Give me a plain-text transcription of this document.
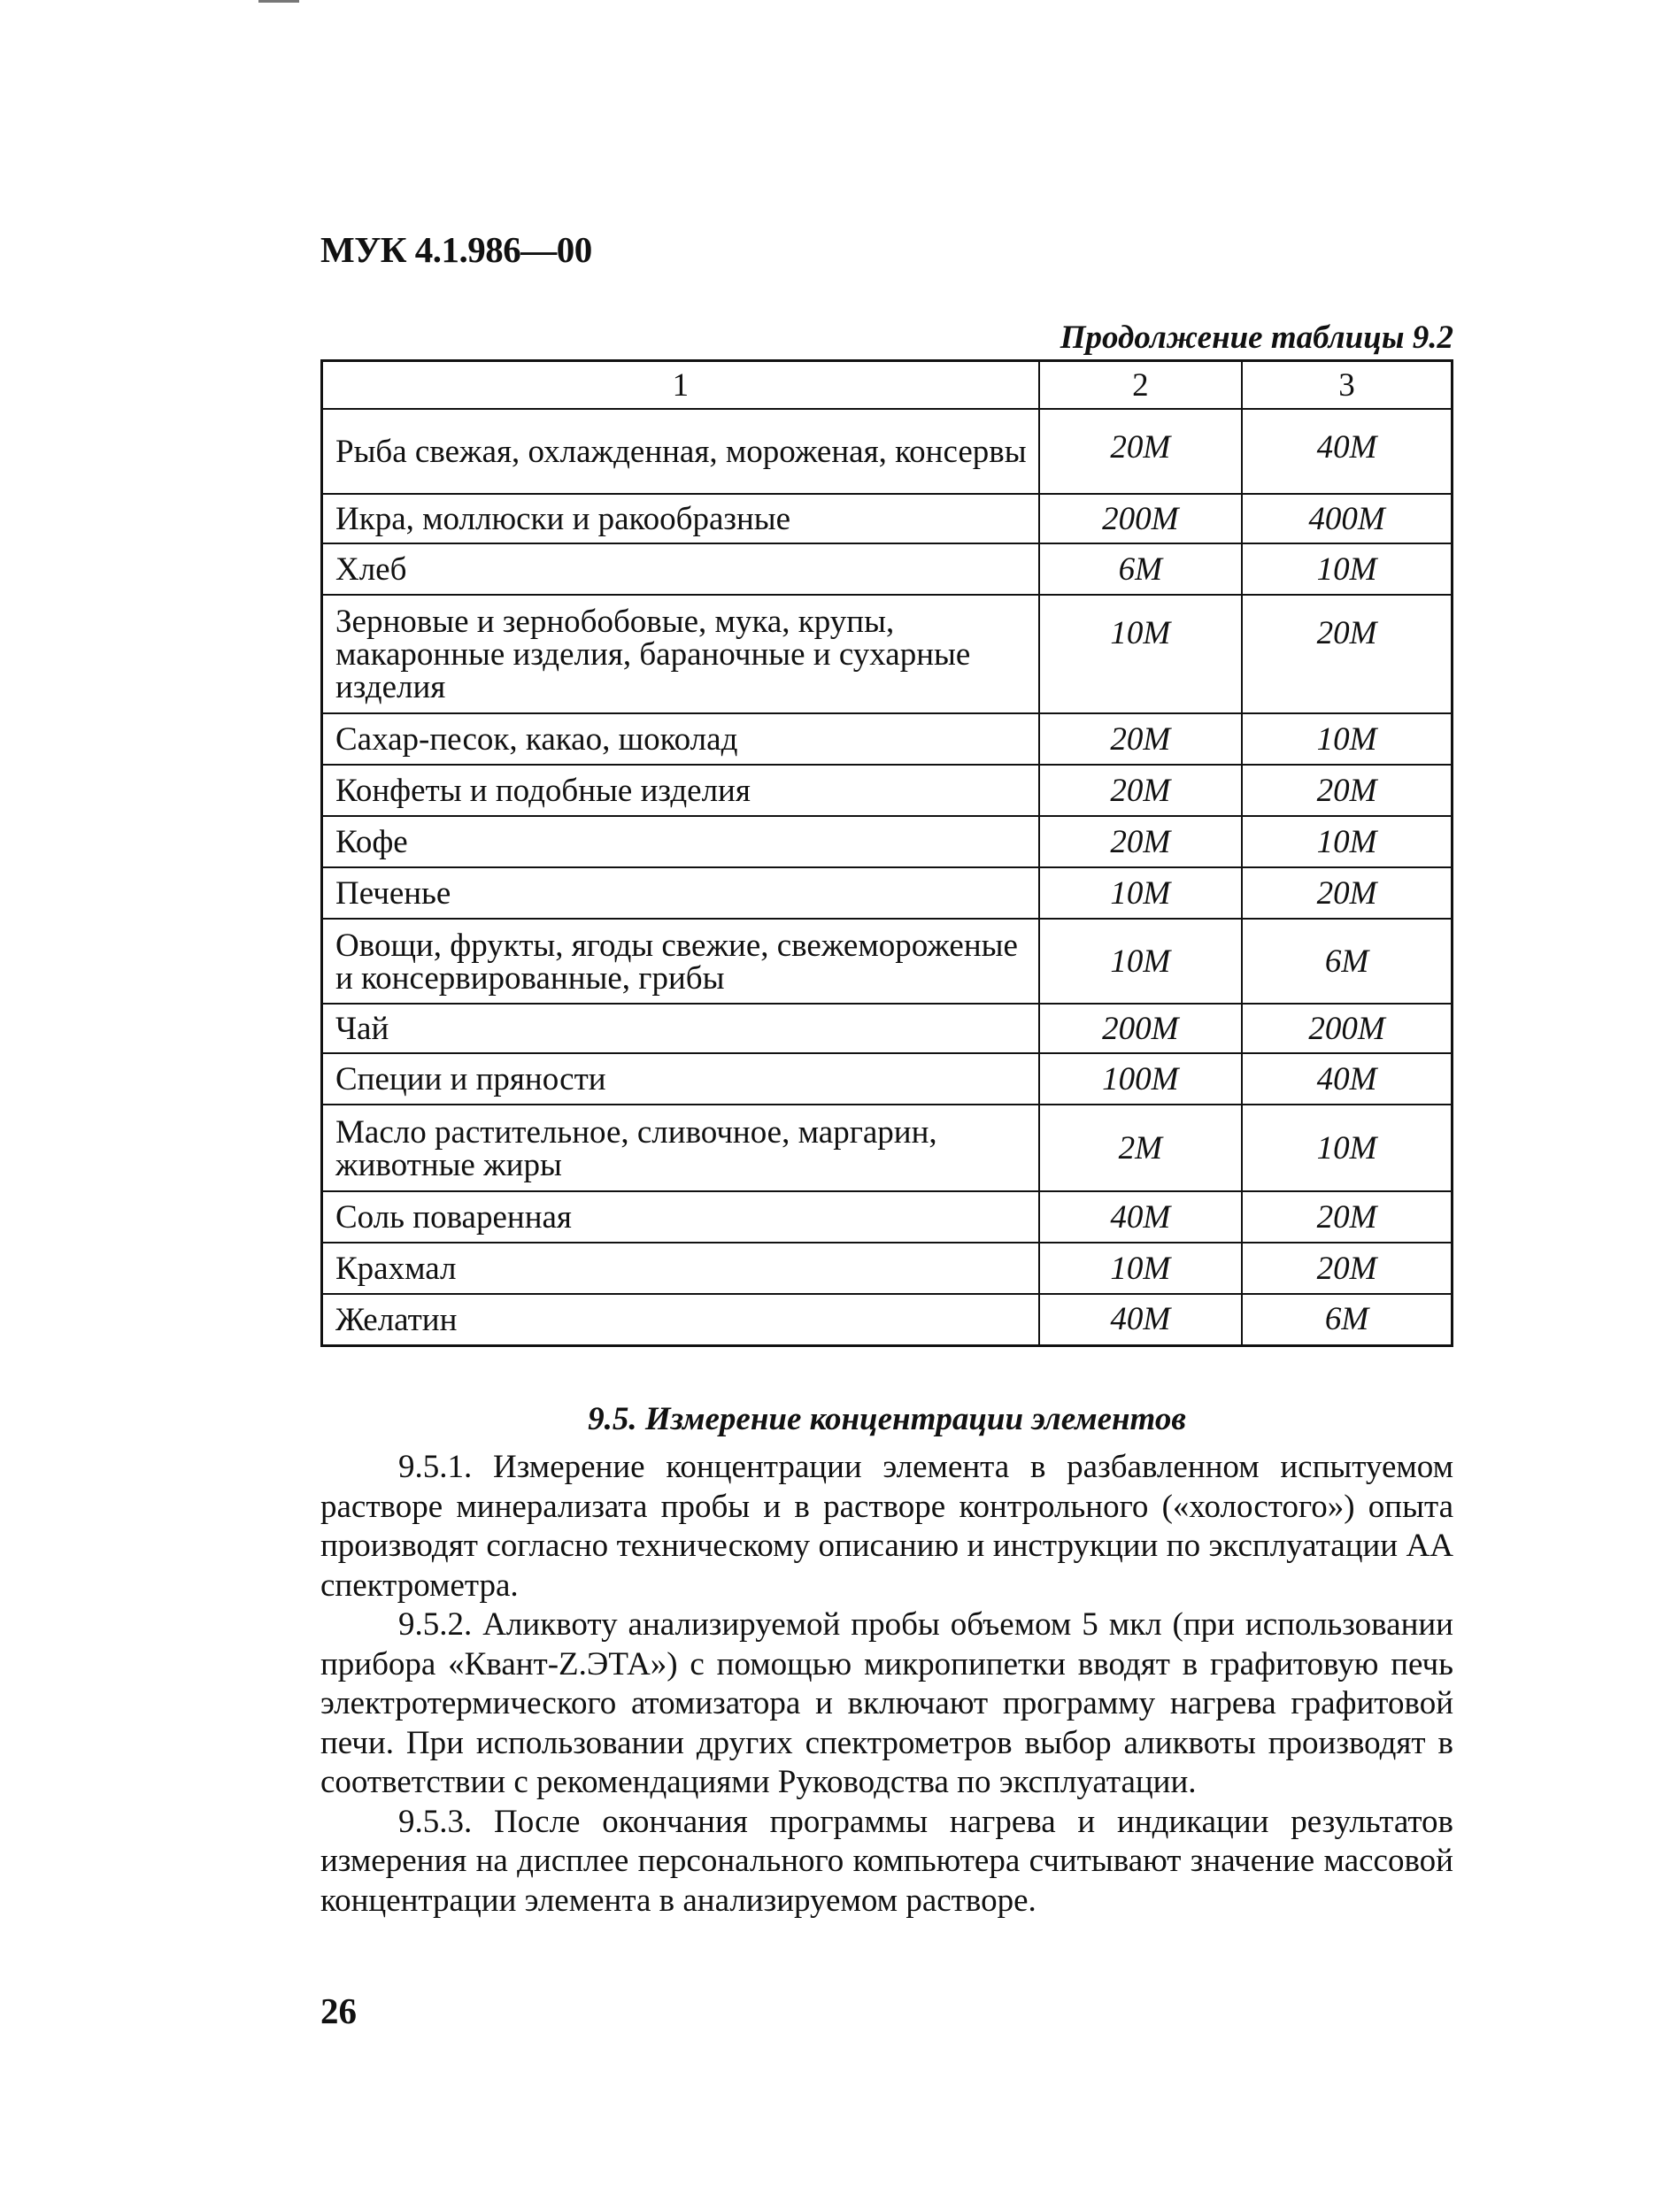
МУК 4.1.986—00
Продолжение таблицы 9.2
1	2	3
Рыба свежая, охлажденная, мороженая, консервы	20М	40М
Икра, моллюски и ракообразные	200М	400М
Хлеб	6М	10М
Зерновые и зернобобовые, мука, крупы, макаронные изделия, бараночные и сухарные изделия	10М	20М
Сахар-песок, какао, шоколад	20М	10М
Конфеты и подобные изделия	20М	20М
Кофе	20М	10М
Печенье	10М	20М
Овощи, фрукты, ягоды свежие, свежемороженые и консервированные, грибы	10М	6М
Чай	200М	200М
Специи и пряности	100М	40М
Масло растительное, сливочное, маргарин, животные жиры	2М	10М
Соль поваренная	40М	20М
Крахмал	10М	20М
Желатин	40М	6М
9.5. Измерение концентрации элементов

9.5.1. Измерение концентрации элемента в разбавленном испытуемом растворе минерализата пробы и в растворе контрольного («холостого») опыта производят согласно техническому описанию и инструкции по эксплуатации АА спектрометра.

9.5.2. Аликвоту анализируемой пробы объемом 5 мкл (при использовании прибора «Квант-Z.ЭТА») с помощью микропипетки вводят в графитовую печь электротермического атомизатора и включают программу нагрева графитовой печи. При использовании других спектрометров выбор аликвоты производят в соответствии с рекомендациями Руководства по эксплуатации.

9.5.3. После окончания программы нагрева и индикации результатов измерения на дисплее персонального компьютера считывают значение массовой концентрации элемента в анализируемом растворе.

26
